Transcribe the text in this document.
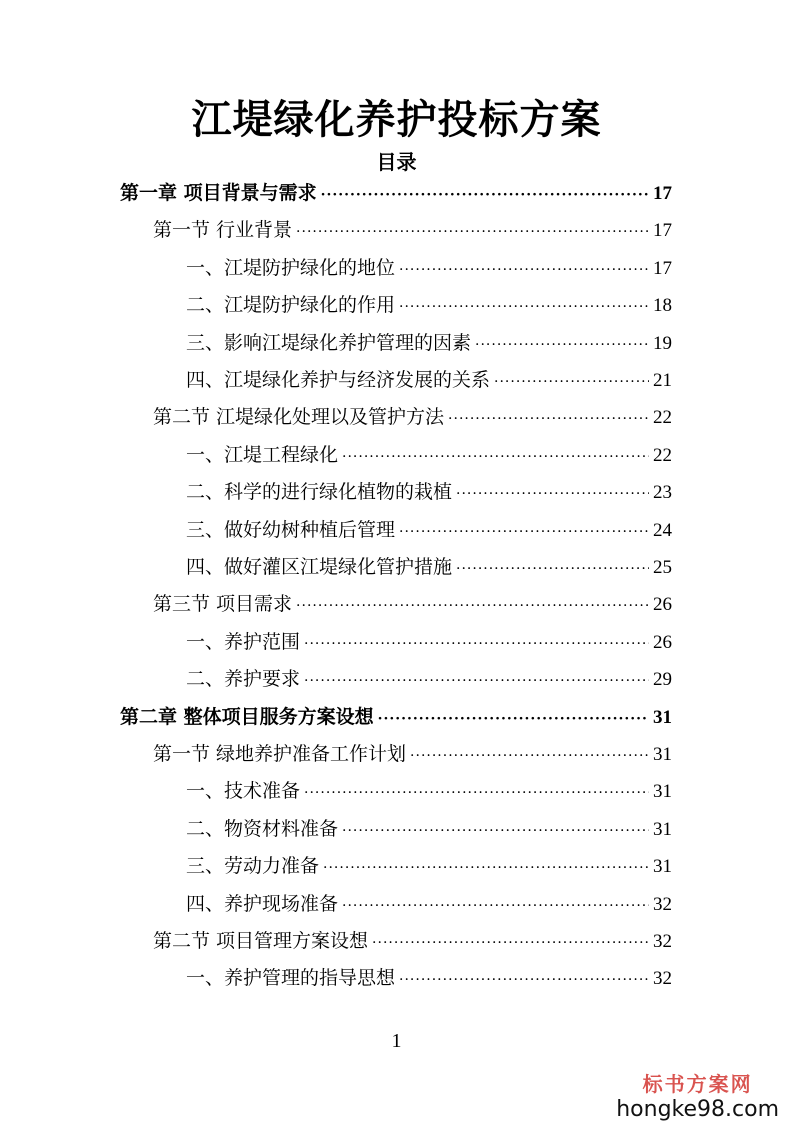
江堤绿化养护投标方案
目录
第一章 项目背景与需求 ·····	17
第一节 行业背景 ·····	17
一、江堤防护绿化的地位 ·····	17
二、江堤防护绿化的作用 ·····	18
三、影响江堤绿化养护管理的因素 ·····	19
四、江堤绿化养护与经济发展的关系 ·····	21
第二节 江堤绿化处理以及管护方法 ·····	22
一、江堤工程绿化 ·····	22
二、科学的进行绿化植物的栽植 ·····	23
三、做好幼树种植后管理 ·····	24
四、做好灌区江堤绿化管护措施 ·····	25
第三节 项目需求 ·····	26
一、养护范围 ·····	26
二、养护要求 ·····	29
第二章 整体项目服务方案设想 ·····	31
第一节 绿地养护准备工作计划 ·····	31
一、技术准备 ·····	31
二、物资材料准备 ·····	31
三、劳动力准备 ·····	31
四、养护现场准备 ·····	32
第二节 项目管理方案设想 ·····	32
一、养护管理的指导思想 ·····	32
1
标书方案网
hongke98.com
